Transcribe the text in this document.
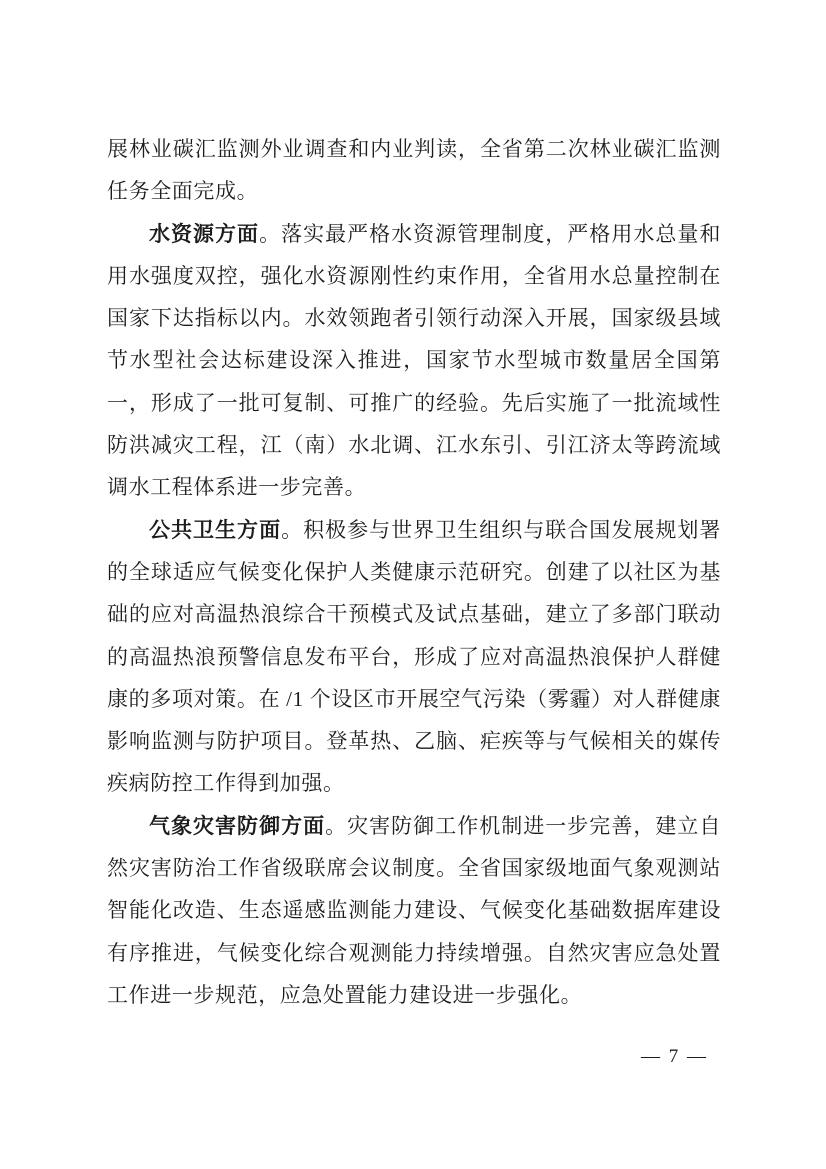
展林业碳汇监测外业调查和内业判读，全省第二次林业碳汇监测任务全面完成。

水资源方面。落实最严格水资源管理制度，严格用水总量和用水强度双控，强化水资源刚性约束作用，全省用水总量控制在国家下达指标以内。水效领跑者引领行动深入开展，国家级县域节水型社会达标建设深入推进，国家节水型城市数量居全国第一，形成了一批可复制、可推广的经验。先后实施了一批流域性防洪减灾工程，江（南）水北调、江水东引、引江济太等跨流域调水工程体系进一步完善。

公共卫生方面。积极参与世界卫生组织与联合国发展规划署的全球适应气候变化保护人类健康示范研究。创建了以社区为基础的应对高温热浪综合干预模式及试点基础，建立了多部门联动的高温热浪预警信息发布平台，形成了应对高温热浪保护人群健康的多项对策。在 /1 个设区市开展空气污染（雾霾）对人群健康影响监测与防护项目。登革热、乙脑、疟疾等与气候相关的媒传疾病防控工作得到加强。

气象灾害防御方面。灾害防御工作机制进一步完善，建立自然灾害防治工作省级联席会议制度。全省国家级地面气象观测站智能化改造、生态遥感监测能力建设、气候变化基础数据库建设有序推进，气候变化综合观测能力持续增强。自然灾害应急处置工作进一步规范，应急处置能力建设进一步强化。

— 7 —
